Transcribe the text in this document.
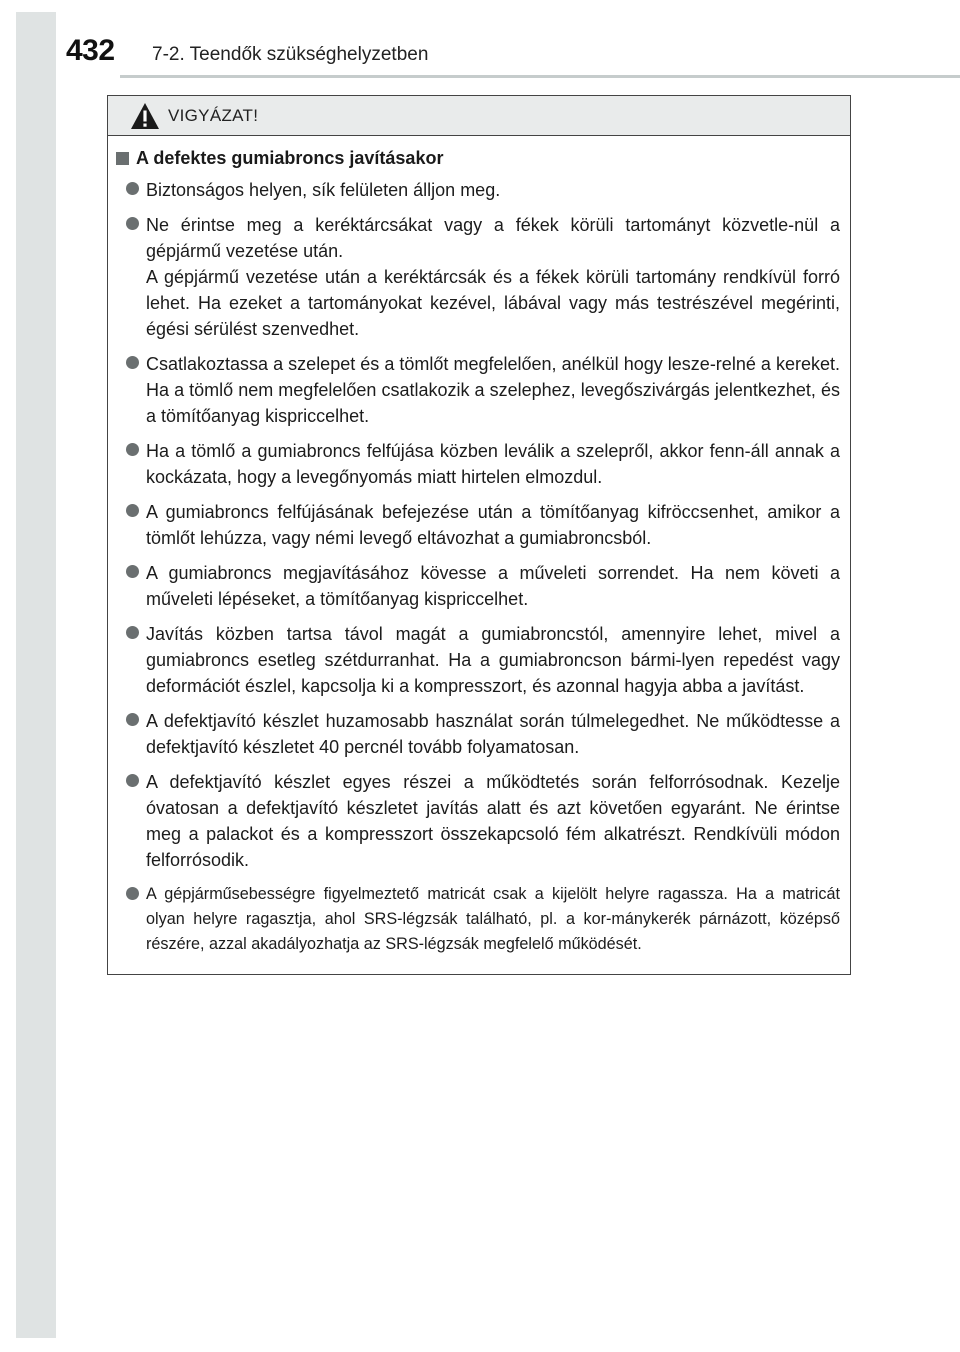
432 7-2. Teendők szükséghelyzetben
VIGYÁZAT!
A defektes gumiabroncs javításakor
Biztonságos helyen, sík felületen álljon meg.
Ne érintse meg a keréktárcsákat vagy a fékek körüli tartományt közvetle-nül a gépjármű vezetése után.
A gépjármű vezetése után a keréktárcsák és a fékek körüli tartomány rendkívül forró lehet. Ha ezeket a tartományokat kezével, lábával vagy más testrészével megérinti, égési sérülést szenvedhet.
Csatlakoztassa a szelepet és a tömlőt megfelelően, anélkül hogy lesze-relné a kereket. Ha a tömlő nem megfelelően csatlakozik a szelephez, levegőszivárgás jelentkezhet, és a tömítőanyag kispriccelhet.
Ha a tömlő a gumiabroncs felfújása közben leválik a szelepről, akkor fenn-áll annak a kockázata, hogy a levegőnyomás miatt hirtelen elmozdul.
A gumiabroncs felfújásának befejezése után a tömítőanyag kifröccsenhet, amikor a tömlőt lehúzza, vagy némi levegő eltávozhat a gumiabroncsból.
A gumiabroncs megjavításához kövesse a műveleti sorrendet. Ha nem követi a műveleti lépéseket, a tömítőanyag kispriccelhet.
Javítás közben tartsa távol magát a gumiabroncstól, amennyire lehet, mivel a gumiabroncs esetleg szétdurranhat. Ha a gumiabroncson bármi-lyen repedést vagy deformációt észlel, kapcsolja ki a kompresszort, és azonnal hagyja abba a javítást.
A defektjavító készlet huzamosabb használat során túlmelegedhet. Ne működtesse a defektjavító készletet 40 percnél tovább folyamatosan.
A defektjavító készlet egyes részei a működtetés során felforrósodnak. Kezelje óvatosan a defektjavító készletet javítás alatt és azt követően egyaránt. Ne érintse meg a palackot és a kompresszort összekapcsoló fém alkatrészt. Rendkívüli módon felforrósodik.
A gépjárműsebességre figyelmeztető matricát csak a kijelölt helyre ragassza. Ha a matricát olyan helyre ragasztja, ahol SRS-légzsák található, pl. a kor-mánykerék párnázott, középső részére, azzal akadályozhatja az SRS-légzsák megfelelő működését.
